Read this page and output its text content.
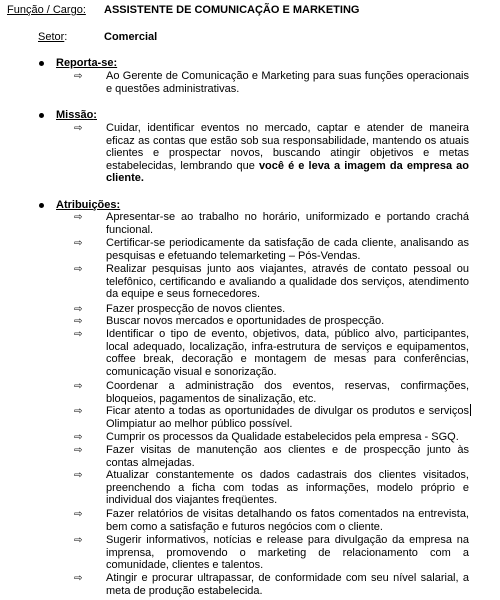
Função / Cargo: ASSISTENTE DE COMUNICAÇÃO E MARKETING
Setor:	Comercial
Reporta-se:
⇨ Ao Gerente de Comunicação e Marketing para suas funções operacionais e questões administrativas.
Missão:
⇨ Cuidar, identificar eventos no mercado, captar e atender de maneira eficaz as contas que estão sob sua responsabilidade, mantendo os atuais clientes e prospectar novos, buscando atingir objetivos e metas estabelecidas, lembrando que você é e leva a imagem da empresa ao cliente.
Atribuições:
⇨ Apresentar-se ao trabalho no horário, uniformizado e portando crachá funcional.
⇨ Certificar-se periodicamente da satisfação de cada cliente, analisando as pesquisas e efetuando telemarketing – Pós-Vendas.
⇨ Realizar pesquisas junto aos viajantes, através de contato pessoal ou telefônico, certificando e avaliando a qualidade dos serviços, atendimento da equipe e seus fornecedores.
⇨ Fazer prospecção de novos clientes.
⇨ Buscar novos mercados e oportunidades de prospecção.
⇨ Identificar o tipo de evento, objetivos, data, público alvo, participantes, local adequado, localização, infra-estrutura de serviços e equipamentos, coffee break, decoração e montagem de mesas para conferências, comunicação visual e sonorização.
⇨ Coordenar a administração dos eventos, reservas, confirmações, bloqueios, pagamentos de sinalização, etc.
⇨ Ficar atento a todas as oportunidades de divulgar os produtos e serviços Olimpiatur ao melhor público possível.
⇨ Cumprir os processos da Qualidade estabelecidos pela empresa - SGQ.
⇨ Fazer visitas de manutenção aos clientes e de prospecção junto às contas almejadas.
⇨ Atualizar constantemente os dados cadastrais dos clientes visitados, preenchendo a ficha com todas as informações, modelo próprio e individual dos viajantes freqüentes.
⇨ Fazer relatórios de visitas detalhando os fatos comentados na entrevista, bem como a satisfação e futuros negócios com o cliente.
⇨ Sugerir informativos, notícias e release para divulgação da empresa na imprensa, promovendo o marketing de relacionamento com a comunidade, clientes e talentos.
⇨ Atingir e procurar ultrapassar, de conformidade com seu nível salarial, a meta de produção estabelecida.
